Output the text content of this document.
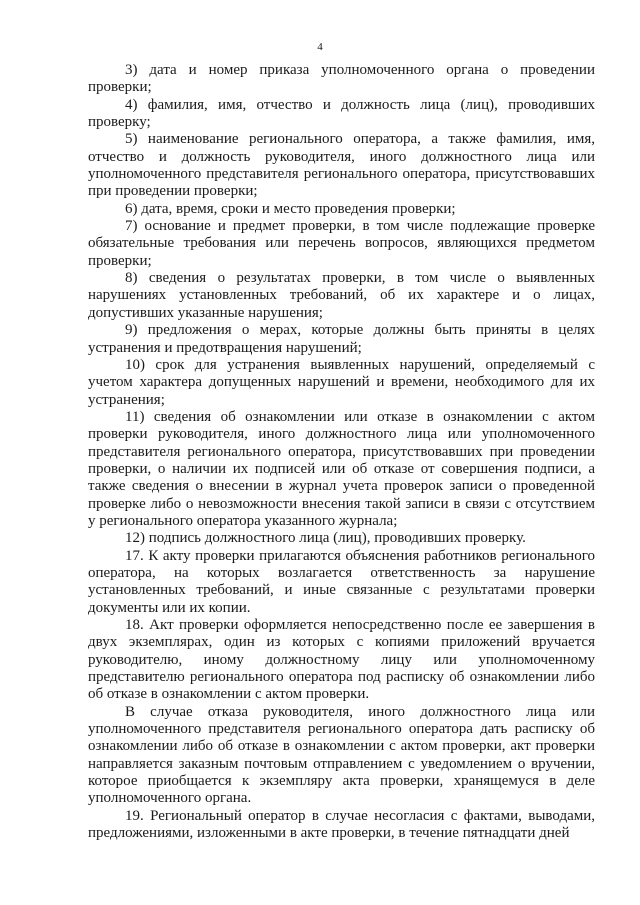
4

3) дата и номер приказа уполномоченного органа о проведении проверки;

4) фамилия, имя, отчество и должность лица (лиц), проводивших проверку;

5) наименование регионального оператора, а также фамилия, имя, отчество и должность руководителя, иного должностного лица или уполномоченного представителя регионального оператора, присутствовавших при проведении проверки;

6) дата, время, сроки и место проведения проверки;

7) основание и предмет проверки, в том числе подлежащие проверке обязательные требования или перечень вопросов, являющихся предметом проверки;

8) сведения о результатах проверки, в том числе о выявленных нарушениях установленных требований, об их характере и о лицах, допустивших указанные нарушения;

9) предложения о мерах, которые должны быть приняты в целях устранения и предотвращения нарушений;

10) срок для устранения выявленных нарушений, определяемый с учетом характера допущенных нарушений и времени, необходимого для их устранения;

11) сведения об ознакомлении или отказе в ознакомлении с актом проверки руководителя, иного должностного лица или уполномоченного представителя регионального оператора, присутствовавших при проведении проверки, о наличии их подписей или об отказе от совершения подписи, а также сведения о внесении в журнал учета проверок записи о проведенной проверке либо о невозможности внесения такой записи в связи с отсутствием у регионального оператора указанного журнала;

12) подпись должностного лица (лиц), проводивших проверку.

17. К акту проверки прилагаются объяснения работников регионального оператора, на которых возлагается ответственность за нарушение установленных требований, и иные связанные с результатами проверки документы или их копии.

18. Акт проверки оформляется непосредственно после ее завершения в двух экземплярах, один из которых с копиями приложений вручается руководителю, иному должностному лицу или уполномоченному представителю регионального оператора под расписку об ознакомлении либо об отказе в ознакомлении с актом проверки.

В случае отказа руководителя, иного должностного лица или уполномоченного представителя регионального оператора дать расписку об ознакомлении либо об отказе в ознакомлении с актом проверки, акт проверки направляется заказным почтовым отправлением с уведомлением о вручении, которое приобщается к экземпляру акта проверки, хранящемуся в деле уполномоченного органа.

19. Региональный оператор в случае несогласия с фактами, выводами, предложениями, изложенными в акте проверки, в течение пятнадцати дней
